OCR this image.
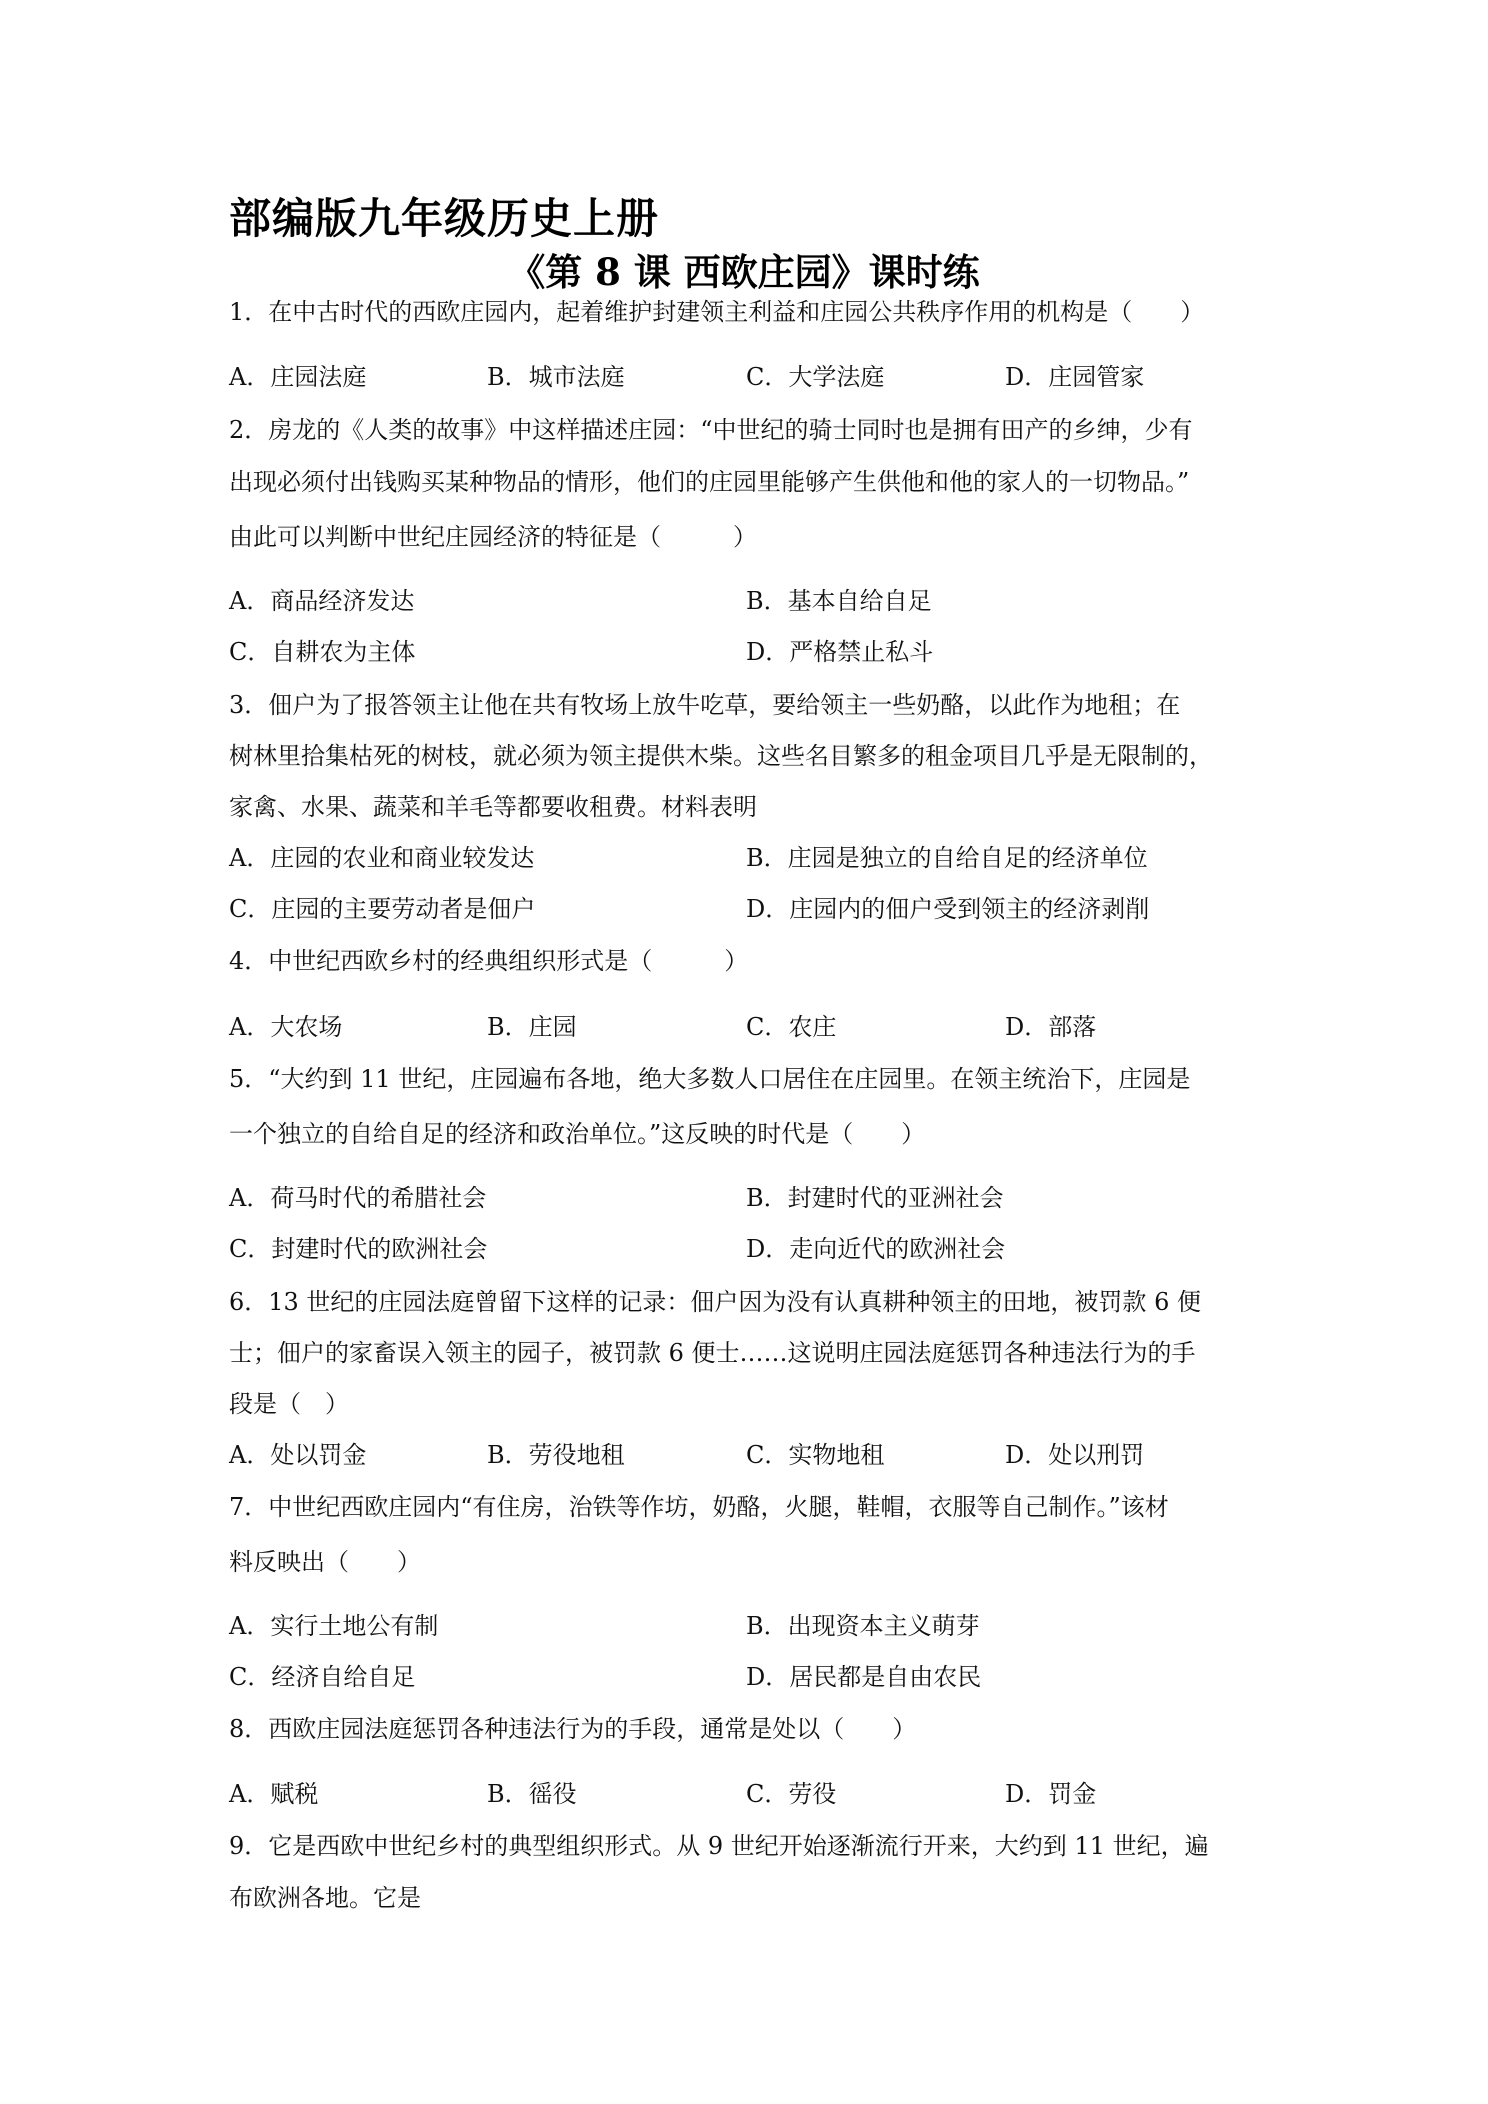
部编版九年级历史上册
《第 8 课 西欧庄园》课时练
1．在中古时代的西欧庄园内，起着维护封建领主利益和庄园公共秩序作用的机构是（　　）
A．庄园法庭	B．城市法庭	C．大学法庭	D．庄园管家
2．房龙的《人类的故事》中这样描述庄园：“中世纪的骑士同时也是拥有田产的乡绅，少有
出现必须付出钱购买某种物品的情形，他们的庄园里能够产生供他和他的家人的一切物品。”
由此可以判断中世纪庄园经济的特征是（　　　）
A．商品经济发达	B．基本自给自足
C．自耕农为主体	D．严格禁止私斗
3．佃户为了报答领主让他在共有牧场上放牛吃草，要给领主一些奶酪，以此作为地租；在
树林里拾集枯死的树枝，就必须为领主提供木柴。这些名目繁多的租金项目几乎是无限制的，
家禽、水果、蔬菜和羊毛等都要收租费。材料表明
A．庄园的农业和商业较发达	B．庄园是独立的自给自足的经济单位
C．庄园的主要劳动者是佃户	D．庄园内的佃户受到领主的经济剥削
4．中世纪西欧乡村的经典组织形式是（　　　）
A．大农场	B．庄园	C．农庄	D．部落
5．“大约到 11 世纪，庄园遍布各地，绝大多数人口居住在庄园里。在领主统治下，庄园是
一个独立的自给自足的经济和政治单位。”这反映的时代是（　　）
A．荷马时代的希腊社会	B．封建时代的亚洲社会
C．封建时代的欧洲社会	D．走向近代的欧洲社会
6．13 世纪的庄园法庭曾留下这样的记录：佃户因为没有认真耕种领主的田地，被罚款 6 便
士；佃户的家畜误入领主的园子，被罚款 6 便士……这说明庄园法庭惩罚各种违法行为的手
段是（　）
A．处以罚金	B．劳役地租	C．实物地租	D．处以刑罚
7．中世纪西欧庄园内“有住房，治铁等作坊，奶酪，火腿，鞋帽，衣服等自己制作。”该材
料反映出（　　）
A．实行土地公有制	B．出现资本主义萌芽
C．经济自给自足	D．居民都是自由农民
8．西欧庄园法庭惩罚各种违法行为的手段，通常是处以（　　）
A．赋税	B．徭役	C．劳役	D．罚金
9．它是西欧中世纪乡村的典型组织形式。从 9 世纪开始逐渐流行开来，大约到 11 世纪，遍
布欧洲各地。它是
